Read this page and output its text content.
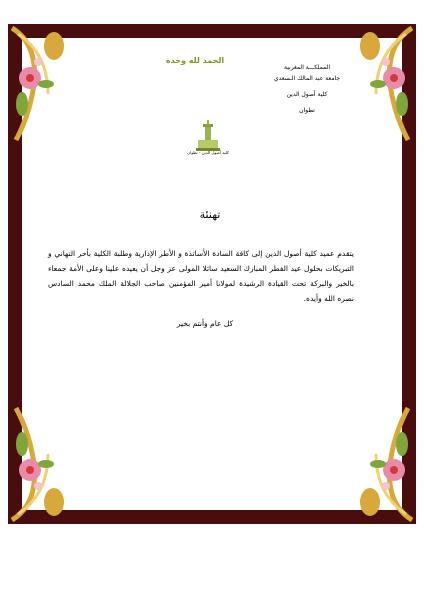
المملكـــة المغربية
جامعة عبد المالك الـسعدي
كلية أصول الدين
تطوان
الحمد لله وحده
كلية أصول الدين - تطوان
تهنئة
يتقدم عميد كلية أصول الدين إلى كافة السادة الأساتذة و الأطر الإدارية وطلبة الكلية بأحر التهاني و التبريكات بحلول عيد الفطر المبارك السعيد سائلا المولى عز وجل أن يعيده علينا وعلى الأمة جمعاء بالخير والبركة تحت القيادة الرشيدة لمولانا أمير المؤمنين صاحب الجلالة الملك محمد السادس نصره الله وأيده.
كل عام وأنتم بخير
